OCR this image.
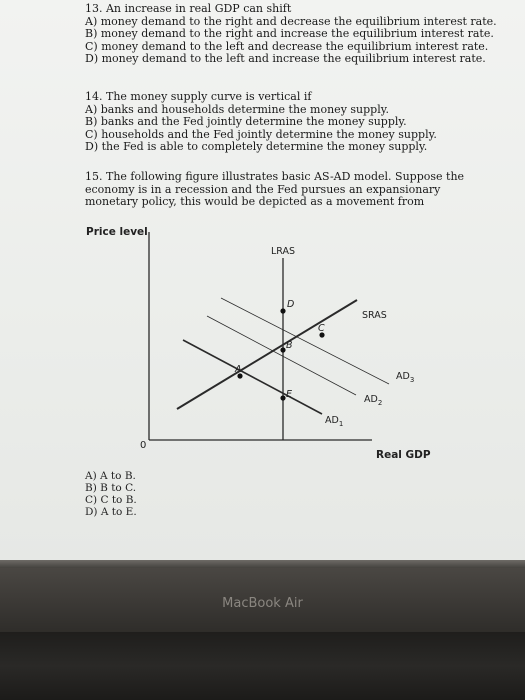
13. An increase in real GDP can shift
A) money demand to the right and decrease the equilibrium interest rate.
B) money demand to the right and increase the equilibrium interest rate.
C) money demand to the left and decrease the equilibrium interest rate.
D) money demand to the left and increase the equilibrium interest rate.
14. The money supply curve is vertical if
A) banks and households determine the money supply.
B) banks and the Fed jointly determine the money supply.
C) households and the Fed jointly determine the money supply.
D) the Fed is able to completely determine the money supply.
15. The following figure illustrates basic AS-AD model. Suppose the economy is in a recession and the Fed pursues an expansionary monetary policy, this would be depicted as a movement from
Price level
Real GDP
0
LRAS
SRAS
$AD_3$
$AD_2$
$AD_1$
A
B
C
D
E
A) A to B.
B) B to C.
C) C to B.
D) A to E.
MacBook Air
